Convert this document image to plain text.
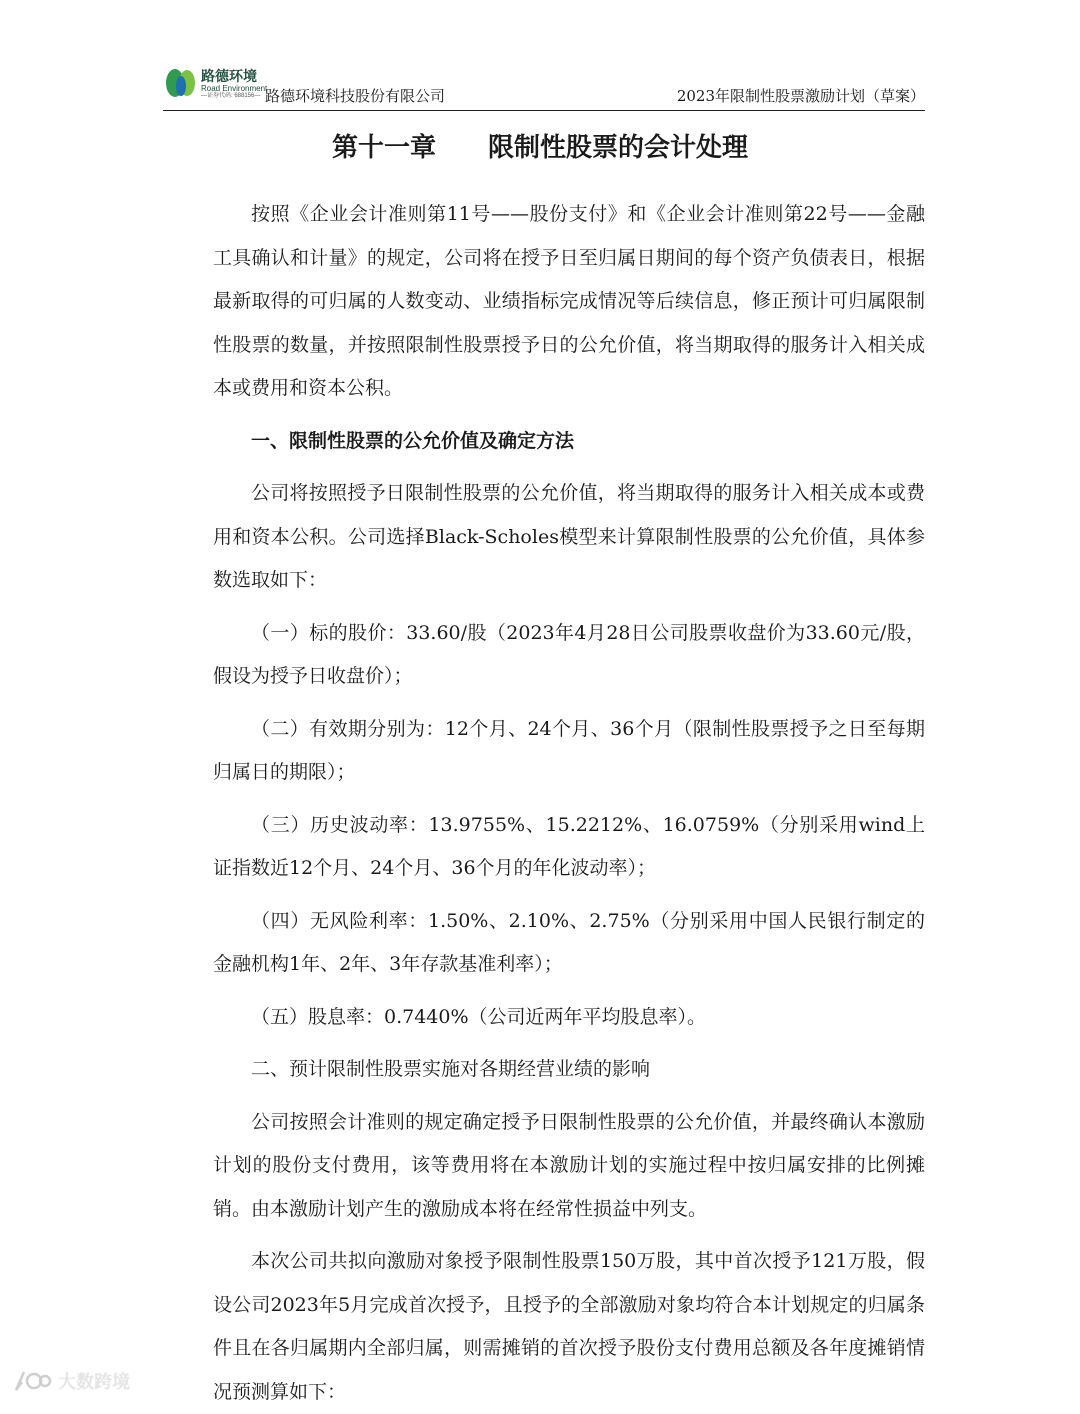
路德环境
Road Environment
—证券代码: 688156— 路德环境科技股份有限公司	2023年限制性股票激励计划（草案）
第十一章　　限制性股票的会计处理

按照《企业会计准则第11号——股份支付》和《企业会计准则第22号——金融工具确认和计量》的规定，公司将在授予日至归属日期间的每个资产负债表日，根据最新取得的可归属的人数变动、业绩指标完成情况等后续信息，修正预计可归属限制性股票的数量，并按照限制性股票授予日的公允价值，将当期取得的服务计入相关成本或费用和资本公积。

一、限制性股票的公允价值及确定方法

公司将按照授予日限制性股票的公允价值，将当期取得的服务计入相关成本或费用和资本公积。公司选择Black-Scholes模型来计算限制性股票的公允价值，具体参数选取如下：

（一）标的股价：33.60/股（2023年4月28日公司股票收盘价为33.60元/股，假设为授予日收盘价）；

（二）有效期分别为：12个月、24个月、36个月（限制性股票授予之日至每期归属日的期限）；

（三）历史波动率：13.9755%、15.2212%、16.0759%（分别采用wind上证指数近12个月、24个月、36个月的年化波动率）；

（四）无风险利率：1.50%、2.10%、2.75%（分别采用中国人民银行制定的金融机构1年、2年、3年存款基准利率）；

（五）股息率：0.7440%（公司近两年平均股息率）。

二、预计限制性股票实施对各期经营业绩的影响

公司按照会计准则的规定确定授予日限制性股票的公允价值，并最终确认本激励计划的股份支付费用，该等费用将在本激励计划的实施过程中按归属安排的比例摊销。由本激励计划产生的激励成本将在经常性损益中列支。

本次公司共拟向激励对象授予限制性股票150万股，其中首次授予121万股，假设公司2023年5月完成首次授予，且授予的全部激励对象均符合本计划规定的归属条件且在各归属期内全部归属，则需摊销的首次授予股份支付费用总额及各年度摊销情况预测算如下：

大数跨境
